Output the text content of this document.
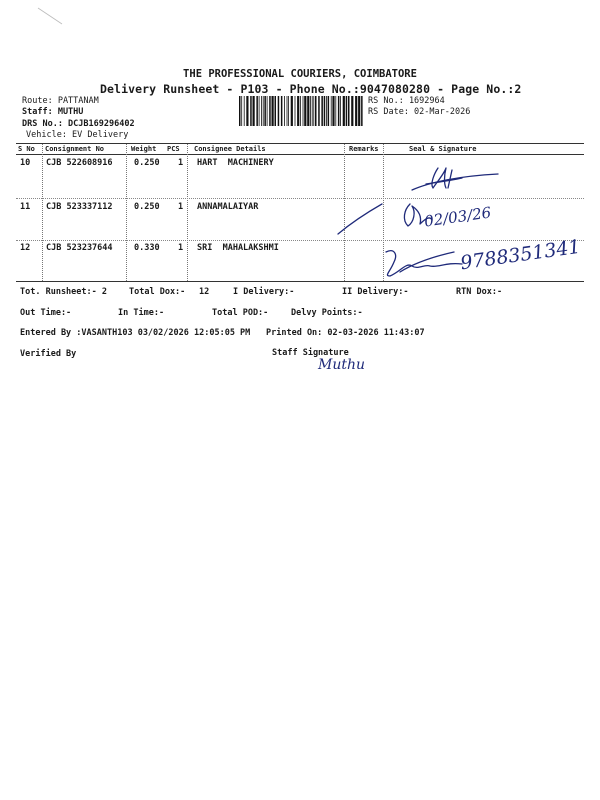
THE PROFESSIONAL COURIERS, COIMBATORE
Delivery Runsheet - P103 - Phone No.:9047080280 - Page No.:2
Route: PATTANAM
Staff: MUTHU
DRS No.: DCJB169296402
Vehicle: EV Delivery
RS No.: 1692964
RS Date: 02-Mar-2026
S No Consignment No	Weight PCS Consignee Details	Remarks	Seal & Signature
10 CJB 522608916	0.250 1 HART  MACHINERY
11 CJB 523337112	0.250 1 ANNAMALAIYAR
12 CJB 523237644	0.330 1 SRI  MAHALAKSHMI
02/03/26
9788351341
Tot. Runsheet:- 2	Total Dox:- 12	I Delivery:-	II Delivery:-	RTN Dox:-
Out Time:-	In Time:-	Total POD:-	Delvy Points:-
Entered By :VASANTH103 03/02/2026 12:05:05 PM Printed On: 02-03-2026 11:43:07
Verified By	Staff Signature
Muthu
